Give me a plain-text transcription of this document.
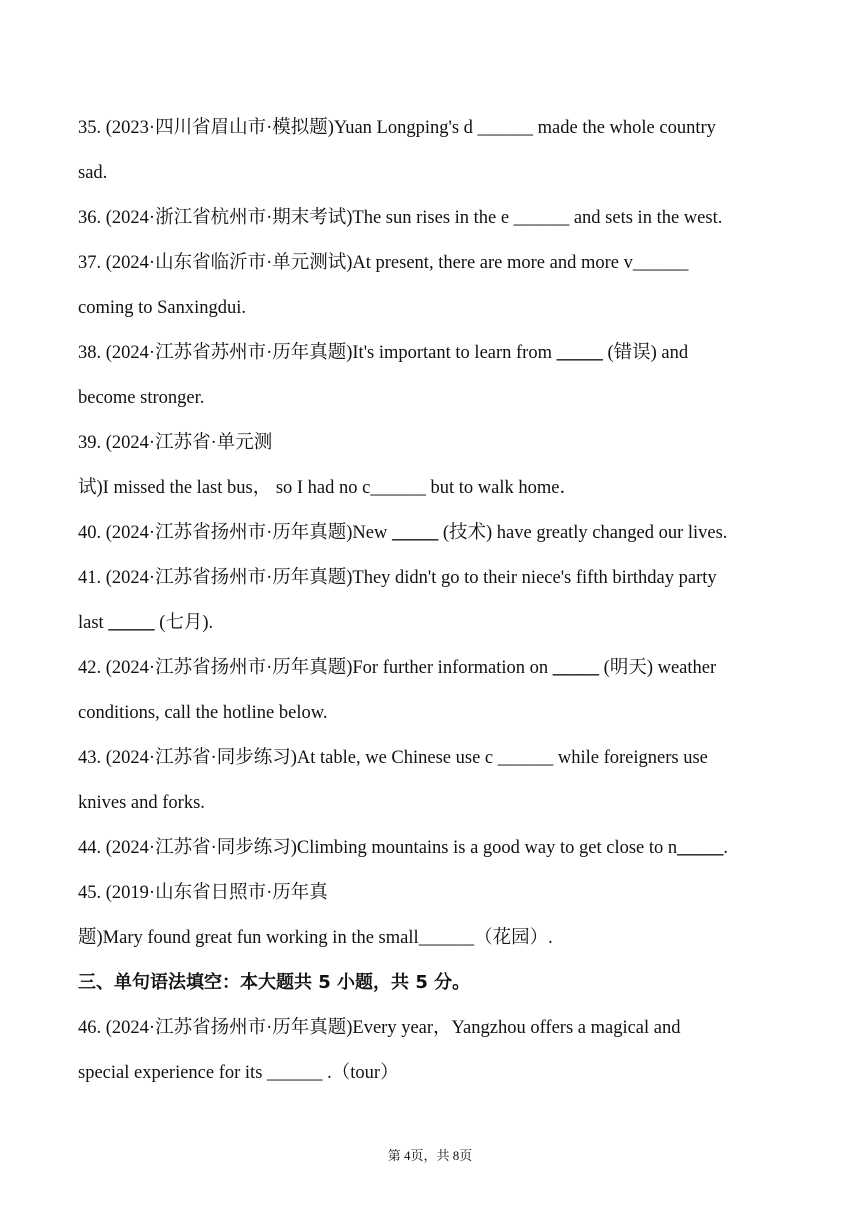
35. (2023·四川省眉山市·模拟题)Yuan Longping's d ______ made the whole country
sad.
36. (2024·浙江省杭州市·期末考试)The sun rises in the e ______ and sets in the west.
37. (2024·山东省临沂市·单元测试)At present, there are more and more v______
coming to Sanxingdui.
38. (2024·江苏省苏州市·历年真题)It's important to learn from _____ (错误) and
become stronger.
39. (2024·江苏省·单元测
试)I missed the last bus， so I had no c______ but to walk home．
40. (2024·江苏省扬州市·历年真题)New _____ (技术) have greatly changed our lives.
41. (2024·江苏省扬州市·历年真题)They didn't go to their niece's fifth birthday party
last _____ (七月).
42. (2024·江苏省扬州市·历年真题)For further information on _____ (明天) weather
conditions, call the hotline below.
43. (2024·江苏省·同步练习)At table, we Chinese use c ______ while foreigners use
knives and forks.
44. (2024·江苏省·同步练习)Climbing mountains is a good way to get close to n_____.
45. (2019·山东省日照市·历年真
题)Mary found great fun working in the small______（花园）.
三、单句语法填空：本大题共 5 小题，共 5 分。
46. (2024·江苏省扬州市·历年真题)Every year，Yangzhou offers a magical and
special experience for its ______ .（tour）
第 4页，共 8页
